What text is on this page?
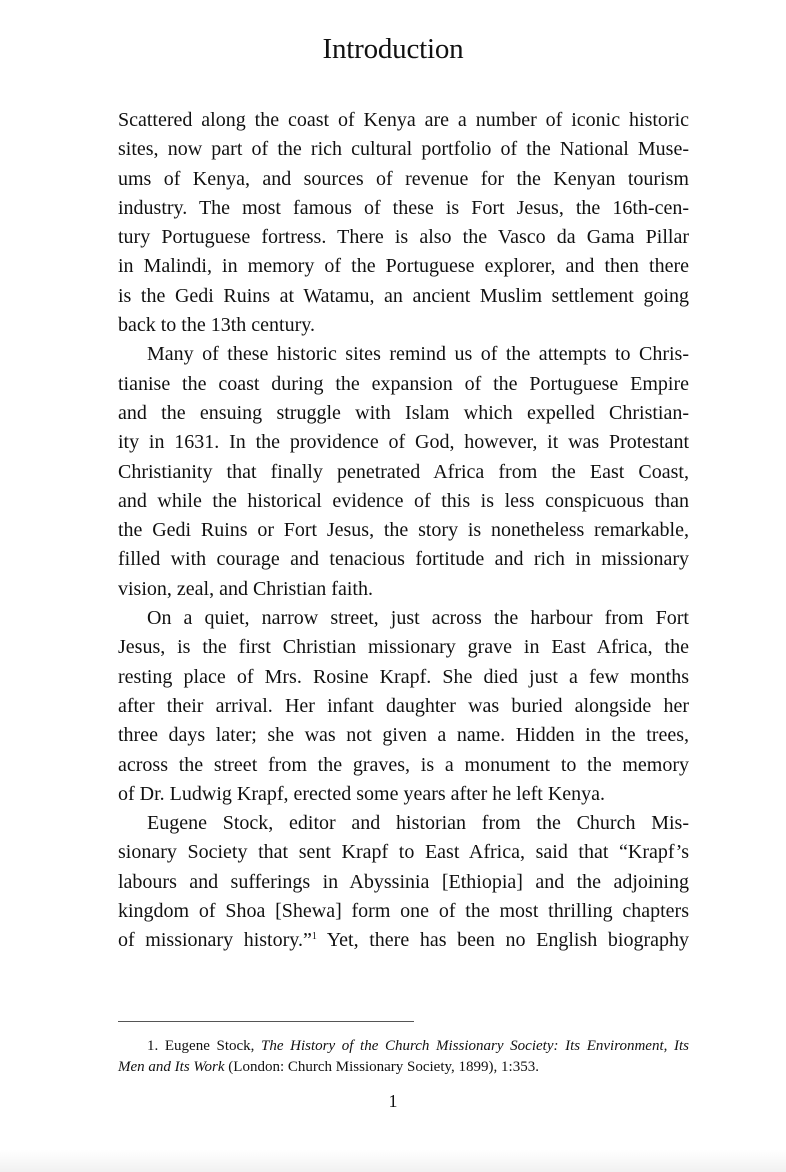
Introduction
Scattered along the coast of Kenya are a number of iconic historic
sites, now part of the rich cultural portfolio of the National Muse-
ums of Kenya, and sources of revenue for the Kenyan tourism
industry. The most famous of these is Fort Jesus, the 16th-cen-
tury Portuguese fortress. There is also the Vasco da Gama Pillar
in Malindi, in memory of the Portuguese explorer, and then there
is the Gedi Ruins at Watamu, an ancient Muslim settlement going
back to the 13th century.
Many of these historic sites remind us of the attempts to Chris-
tianise the coast during the expansion of the Portuguese Empire
and the ensuing struggle with Islam which expelled Christian-
ity in 1631. In the providence of God, however, it was Protestant
Christianity that finally penetrated Africa from the East Coast,
and while the historical evidence of this is less conspicuous than
the Gedi Ruins or Fort Jesus, the story is nonetheless remarkable,
filled with courage and tenacious fortitude and rich in missionary
vision, zeal, and Christian faith.
On a quiet, narrow street, just across the harbour from Fort
Jesus, is the first Christian missionary grave in East Africa, the
resting place of Mrs. Rosine Krapf. She died just a few months
after their arrival. Her infant daughter was buried alongside her
three days later; she was not given a name. Hidden in the trees,
across the street from the graves, is a monument to the memory
of Dr. Ludwig Krapf, erected some years after he left Kenya.
Eugene Stock, editor and historian from the Church Mis-
sionary Society that sent Krapf to East Africa, said that “Krapf’s
labours and sufferings in Abyssinia [Ethiopia] and the adjoining
kingdom of Shoa [Shewa] form one of the most thrilling chapters
of missionary history.”$^1$ Yet, there has been no English biography
1. Eugene Stock, The History of the Church Missionary Society: Its Environment, Its
Men and Its Work (London: Church Missionary Society, 1899), 1:353.
1
